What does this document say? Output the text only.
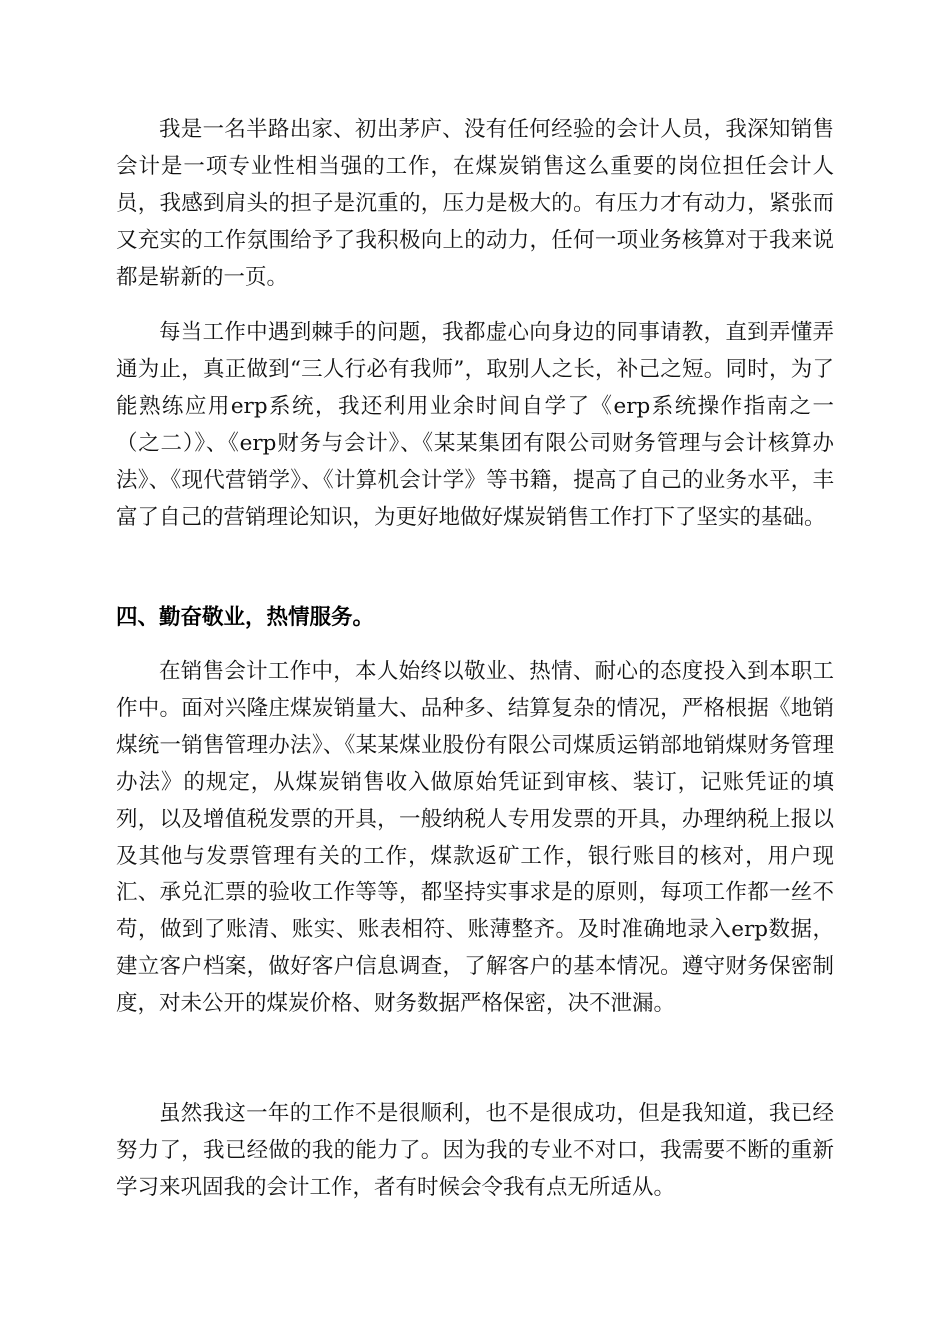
我是一名半路出家、初出茅庐、没有任何经验的会计人员，我深知销售会计是一项专业性相当强的工作，在煤炭销售这么重要的岗位担任会计人员，我感到肩头的担子是沉重的，压力是极大的。有压力才有动力，紧张而又充实的工作氛围给予了我积极向上的动力，任何一项业务核算对于我来说都是崭新的一页。

每当工作中遇到棘手的问题，我都虚心向身边的同事请教，直到弄懂弄通为止，真正做到“三人行必有我师”，取别人之长，补己之短。同时，为了能熟练应用erp系统，我还利用业余时间自学了《erp系统操作指南之一（之二）》、《erp财务与会计》、《某某集团有限公司财务管理与会计核算办法》、《现代营销学》、《计算机会计学》等书籍，提高了自己的业务水平，丰富了自己的营销理论知识，为更好地做好煤炭销售工作打下了坚实的基础。

四、勤奋敬业，热情服务。

在销售会计工作中，本人始终以敬业、热情、耐心的态度投入到本职工作中。面对兴隆庄煤炭销量大、品种多、结算复杂的情况，严格根据《地销煤统一销售管理办法》、《某某煤业股份有限公司煤质运销部地销煤财务管理办法》的规定，从煤炭销售收入做原始凭证到审核、装订，记账凭证的填列，以及增值税发票的开具，一般纳税人专用发票的开具，办理纳税上报以及其他与发票管理有关的工作，煤款返矿工作，银行账目的核对，用户现汇、承兑汇票的验收工作等等，都坚持实事求是的原则，每项工作都一丝不苟，做到了账清、账实、账表相符、账薄整齐。及时准确地录入erp数据，建立客户档案，做好客户信息调查，了解客户的基本情况。遵守财务保密制度，对未公开的煤炭价格、财务数据严格保密，决不泄漏。

虽然我这一年的工作不是很顺利，也不是很成功，但是我知道，我已经努力了，我已经做的我的能力了。因为我的专业不对口，我需要不断的重新学习来巩固我的会计工作，者有时候会令我有点无所适从。
